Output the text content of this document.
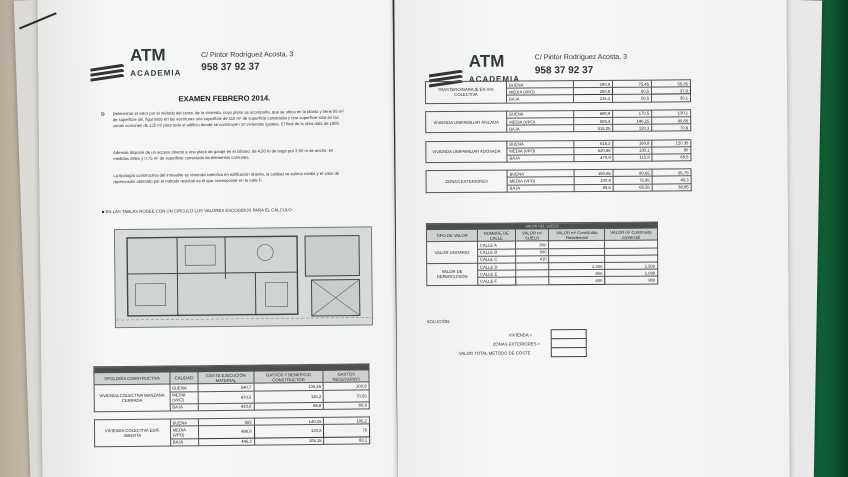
ATM
ACADEMIA
C/ Pintor Rodríguez Acosta, 3
958 37 92 37
EXAMEN FEBRERO 2014.
1) Determinar el valor por el método del coste, de la vivienda, cuyo plano se acompaña, que se ubica en la planta y tiene 85 m² de superficie útil, figurando en las escrituras una superficie de 110 m² de superficie construida y una superficie total en las zonas comunes de 125 m² para todo el edificio donde se construyen 10 viviendas iguales. El final de la obra data de 1985.
Además dispone de un acceso directo a una plaza de garaje en el sótano, de 4,50 m de largo por 3,50 m de ancho; en medidas útiles y 0,75 m² de superficie construida de elementos comunes.
La tipología constructiva del inmueble es vivienda colectiva en edificación abierta, la calidad se estima media y el valor de repercusión obtenido por el método residual es el que corresponde en la calle F.
■ EN LAS TABLAS RODEE CON UN CIRCULO LOS VALORES ESCOGIDOS PARA EL CÁLCULO:

TIPOLOGÍA CONSTRUCTIVA	CALIDAD	COSTE EJECUCIÓN MATERIAL	GASTOS Y BENEFICIO CONSTRUCTOR	GASTOS NECESARIOS
VIVIENDA COLECTIVA MANZANA CERRADA	BUENA	540,7	135,45	100,8
	MEDIA (VPO)	470,5	115,2	70,55
	BAJA	420,8	98,8	60,9

VIVIENDA COLECTIVA EDIF. ABIERTA	BUENA	565	140,25	105,2
	MEDIA (VPO)	490,8	120,8	75
	BAJA	445,2	105,15	60,1
ATM
ACADEMIA
C/ Pintor Rodríguez Acosta, 3
958 37 92 37
TRASTERO/GARAJE EN VIV. COLECTIVA	BUENA	290,9	75,45	55,35
	MEDIA (VPO)	250,8	60,5	37,9
	BAJA	215,1	50,5	30,1

VIVIENDA UNIFAMILIAR AISLADA	BUENA	680,9	170,5	130,1
	MEDIA (VPO)	585,4	140,25	90,85
	BAJA	515,25	120,3	70,6

VIVIENDA UNIFAMILIAR ADOSADA	BUENA	615,2	160,8	120,35
	MEDIA (VPO)	520,65	130,1	80
	BAJA	470,9	115,9	68,5

ZONAS EXTERIORES	BUENA	150,65	90,65	65,75
	MEDIA (VPO)	100,9	75,95	45,3
	BAJA	65,5	65,55	38,95
VALOR DEL SUELO				
TIPO DE VALOR	NOMBRE DE CALLE	VALOR m² SUELO	VALOR m² Construido Residencial	VALOR m² Construido comercial
VALOR UNITARIO	CALLE A	800		
	CALLE B	500		
	CALLE C	410		
VALOR DE REPERCUSIÓN	CALLE D		1.200	1.500
	CALLE E		800	1.000
	CALLE F		600	800
SOLUCIÓN:
VIVIENDA =
ZONAS EXTERIORES =
VALOR TOTAL MÉTODO DE COSTE
